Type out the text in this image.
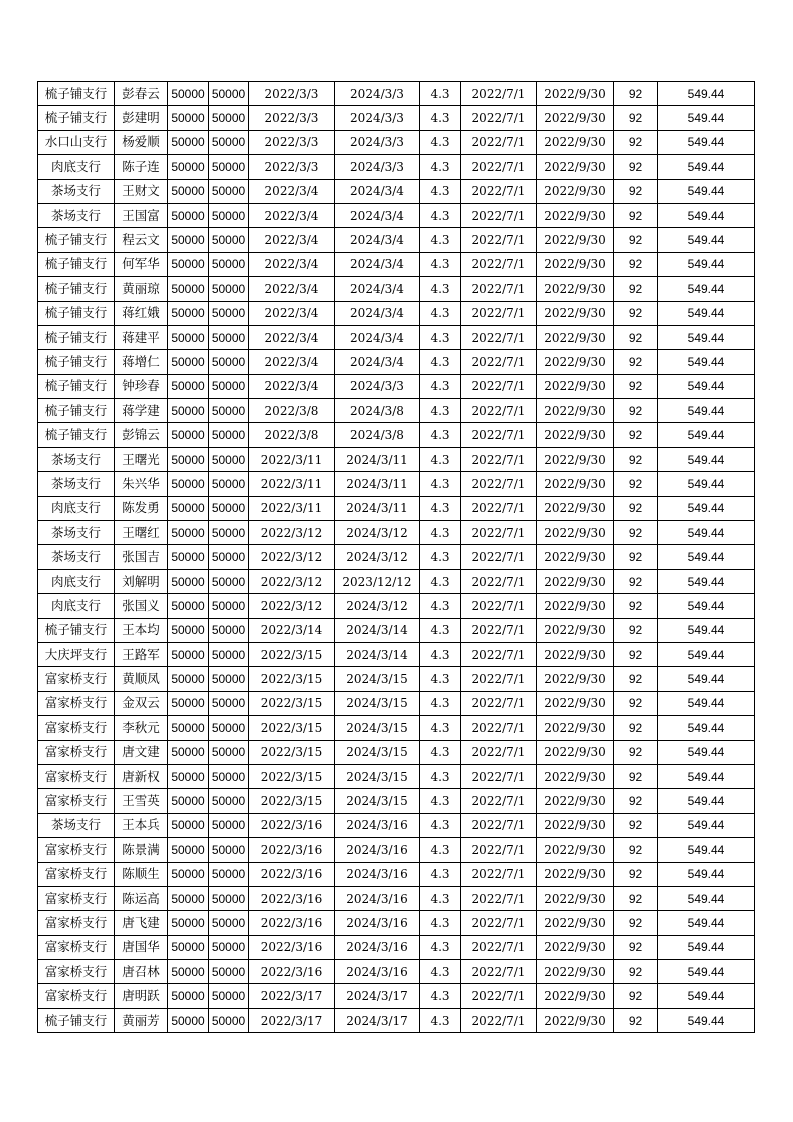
梳子铺支行	彭春云	50000	50000	2022/3/3	2024/3/3	4.3	2022/7/1	2022/9/30	92	549.44
梳子铺支行	彭建明	50000	50000	2022/3/3	2024/3/3	4.3	2022/7/1	2022/9/30	92	549.44
水口山支行	杨爱顺	50000	50000	2022/3/3	2024/3/3	4.3	2022/7/1	2022/9/30	92	549.44
肉底支行	陈子连	50000	50000	2022/3/3	2024/3/3	4.3	2022/7/1	2022/9/30	92	549.44
茶场支行	王财文	50000	50000	2022/3/4	2024/3/4	4.3	2022/7/1	2022/9/30	92	549.44
茶场支行	王国富	50000	50000	2022/3/4	2024/3/4	4.3	2022/7/1	2022/9/30	92	549.44
梳子铺支行	程云文	50000	50000	2022/3/4	2024/3/4	4.3	2022/7/1	2022/9/30	92	549.44
梳子铺支行	何军华	50000	50000	2022/3/4	2024/3/4	4.3	2022/7/1	2022/9/30	92	549.44
梳子铺支行	黄丽琼	50000	50000	2022/3/4	2024/3/4	4.3	2022/7/1	2022/9/30	92	549.44
梳子铺支行	蒋红娥	50000	50000	2022/3/4	2024/3/4	4.3	2022/7/1	2022/9/30	92	549.44
梳子铺支行	蒋建平	50000	50000	2022/3/4	2024/3/4	4.3	2022/7/1	2022/9/30	92	549.44
梳子铺支行	蒋增仁	50000	50000	2022/3/4	2024/3/4	4.3	2022/7/1	2022/9/30	92	549.44
梳子铺支行	钟珍春	50000	50000	2022/3/4	2024/3/3	4.3	2022/7/1	2022/9/30	92	549.44
梳子铺支行	蒋学建	50000	50000	2022/3/8	2024/3/8	4.3	2022/7/1	2022/9/30	92	549.44
梳子铺支行	彭锦云	50000	50000	2022/3/8	2024/3/8	4.3	2022/7/1	2022/9/30	92	549.44
茶场支行	王曙光	50000	50000	2022/3/11	2024/3/11	4.3	2022/7/1	2022/9/30	92	549.44
茶场支行	朱兴华	50000	50000	2022/3/11	2024/3/11	4.3	2022/7/1	2022/9/30	92	549.44
肉底支行	陈发勇	50000	50000	2022/3/11	2024/3/11	4.3	2022/7/1	2022/9/30	92	549.44
茶场支行	王曙红	50000	50000	2022/3/12	2024/3/12	4.3	2022/7/1	2022/9/30	92	549.44
茶场支行	张国吉	50000	50000	2022/3/12	2024/3/12	4.3	2022/7/1	2022/9/30	92	549.44
肉底支行	刘解明	50000	50000	2022/3/12	2023/12/12	4.3	2022/7/1	2022/9/30	92	549.44
肉底支行	张国义	50000	50000	2022/3/12	2024/3/12	4.3	2022/7/1	2022/9/30	92	549.44
梳子铺支行	王本均	50000	50000	2022/3/14	2024/3/14	4.3	2022/7/1	2022/9/30	92	549.44
大庆坪支行	王路军	50000	50000	2022/3/15	2024/3/14	4.3	2022/7/1	2022/9/30	92	549.44
富家桥支行	黄顺凤	50000	50000	2022/3/15	2024/3/15	4.3	2022/7/1	2022/9/30	92	549.44
富家桥支行	金双云	50000	50000	2022/3/15	2024/3/15	4.3	2022/7/1	2022/9/30	92	549.44
富家桥支行	李秋元	50000	50000	2022/3/15	2024/3/15	4.3	2022/7/1	2022/9/30	92	549.44
富家桥支行	唐文建	50000	50000	2022/3/15	2024/3/15	4.3	2022/7/1	2022/9/30	92	549.44
富家桥支行	唐新权	50000	50000	2022/3/15	2024/3/15	4.3	2022/7/1	2022/9/30	92	549.44
富家桥支行	王雪英	50000	50000	2022/3/15	2024/3/15	4.3	2022/7/1	2022/9/30	92	549.44
茶场支行	王本兵	50000	50000	2022/3/16	2024/3/16	4.3	2022/7/1	2022/9/30	92	549.44
富家桥支行	陈景满	50000	50000	2022/3/16	2024/3/16	4.3	2022/7/1	2022/9/30	92	549.44
富家桥支行	陈顺生	50000	50000	2022/3/16	2024/3/16	4.3	2022/7/1	2022/9/30	92	549.44
富家桥支行	陈运高	50000	50000	2022/3/16	2024/3/16	4.3	2022/7/1	2022/9/30	92	549.44
富家桥支行	唐飞建	50000	50000	2022/3/16	2024/3/16	4.3	2022/7/1	2022/9/30	92	549.44
富家桥支行	唐国华	50000	50000	2022/3/16	2024/3/16	4.3	2022/7/1	2022/9/30	92	549.44
富家桥支行	唐召林	50000	50000	2022/3/16	2024/3/16	4.3	2022/7/1	2022/9/30	92	549.44
富家桥支行	唐明跃	50000	50000	2022/3/17	2024/3/17	4.3	2022/7/1	2022/9/30	92	549.44
梳子铺支行	黄丽芳	50000	50000	2022/3/17	2024/3/17	4.3	2022/7/1	2022/9/30	92	549.44
